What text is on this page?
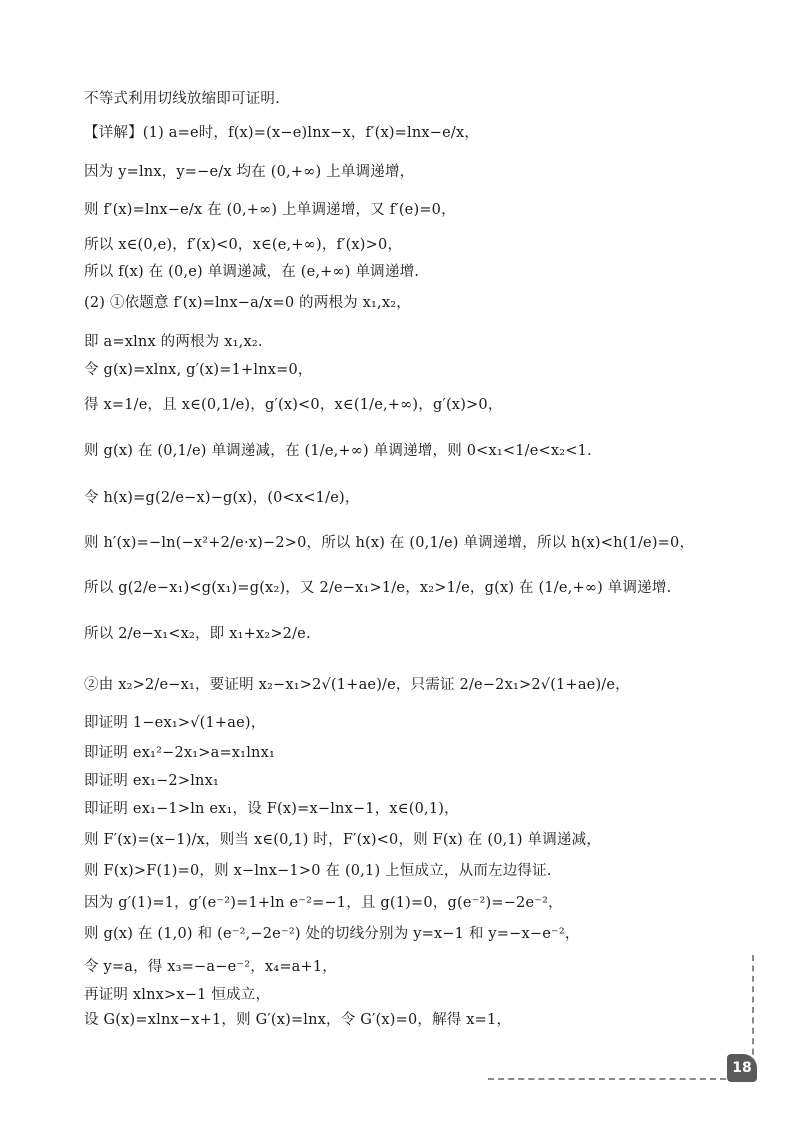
不等式利用切线放缩即可证明.
【详解】(1) a=e时，f(x)=(x−e)lnx−x，f′(x)=lnx−e/x，
因为 y=lnx，y=−e/x 均在 (0,+∞) 上单调递增，
则 f′(x)=lnx−e/x 在 (0,+∞) 上单调递增，又 f′(e)=0，
所以 x∈(0,e)，f′(x)<0，x∈(e,+∞)，f′(x)>0，
所以 f(x) 在 (0,e) 单调递减，在 (e,+∞) 单调递增.
(2) ①依题意 f′(x)=lnx−a/x=0 的两根为 x₁,x₂，
即 a=xlnx 的两根为 x₁,x₂.
令 g(x)=xlnx, g′(x)=1+lnx=0，
得 x=1/e，且 x∈(0,1/e)，g′(x)<0，x∈(1/e,+∞)，g′(x)>0，
则 g(x) 在 (0,1/e) 单调递减，在 (1/e,+∞) 单调递增，则 0<x₁<1/e<x₂<1.
令 h(x)=g(2/e−x)−g(x)，(0<x<1/e)，
则 h′(x)=−ln(−x²+2/e·x)−2>0，所以 h(x) 在 (0,1/e) 单调递增，所以 h(x)<h(1/e)=0，
所以 g(2/e−x₁)<g(x₁)=g(x₂)，又 2/e−x₁>1/e，x₂>1/e，g(x) 在 (1/e,+∞) 单调递增.
所以 2/e−x₁<x₂，即 x₁+x₂>2/e.
②由 x₂>2/e−x₁，要证明 x₂−x₁>2√(1+ae)/e，只需证 2/e−2x₁>2√(1+ae)/e，
即证明 1−ex₁>√(1+ae)，
即证明 ex₁²−2x₁>a=x₁lnx₁
即证明 ex₁−2>lnx₁
即证明 ex₁−1>ln ex₁，设 F(x)=x−lnx−1，x∈(0,1)，
则 F′(x)=(x−1)/x，则当 x∈(0,1) 时，F′(x)<0，则 F(x) 在 (0,1) 单调递减，
则 F(x)>F(1)=0，则 x−lnx−1>0 在 (0,1) 上恒成立，从而左边得证.
因为 g′(1)=1，g′(e⁻²)=1+ln e⁻²=−1，且 g(1)=0，g(e⁻²)=−2e⁻²，
则 g(x) 在 (1,0) 和 (e⁻²,−2e⁻²) 处的切线分别为 y=x−1 和 y=−x−e⁻²，
令 y=a，得 x₃=−a−e⁻²，x₄=a+1，
再证明 xlnx>x−1 恒成立，
设 G(x)=xlnx−x+1，则 G′(x)=lnx，令 G′(x)=0，解得 x=1，
18
